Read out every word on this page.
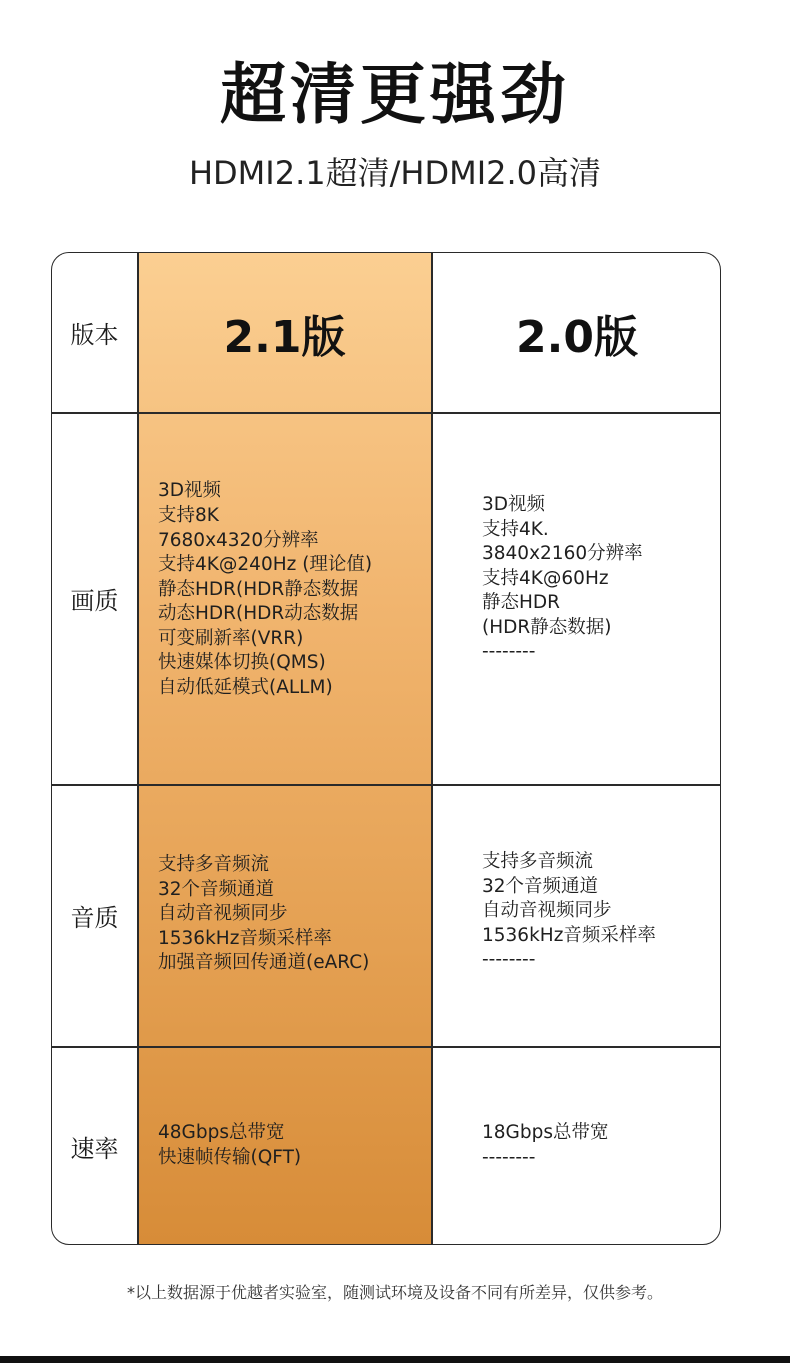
超清更强劲
HDMI2.1超清/HDMI2.0高清
版本
画质
音质
速率
2.1版	2.0版
3D视频
支持8K
7680x4320分辨率
支持4K@240Hz (理论值)
静态HDR(HDR静态数据
动态HDR(HDR动态数据
可变刷新率(VRR)
快速媒体切换(QMS)
自动低延模式(ALLM)
3D视频
支持4K.
3840x2160分辨率
支持4K@60Hz
静态HDR
(HDR静态数据)
--------
支持多音频流
32个音频通道
自动音视频同步
1536kHz音频采样率
加强音频回传通道(eARC)
支持多音频流
32个音频通道
自动音视频同步
1536kHz音频采样率
--------
48Gbps总带宽
快速帧传输(QFT)
18Gbps总带宽
--------
*以上数据源于优越者实验室，随测试环境及设备不同有所差异，仅供参考。
